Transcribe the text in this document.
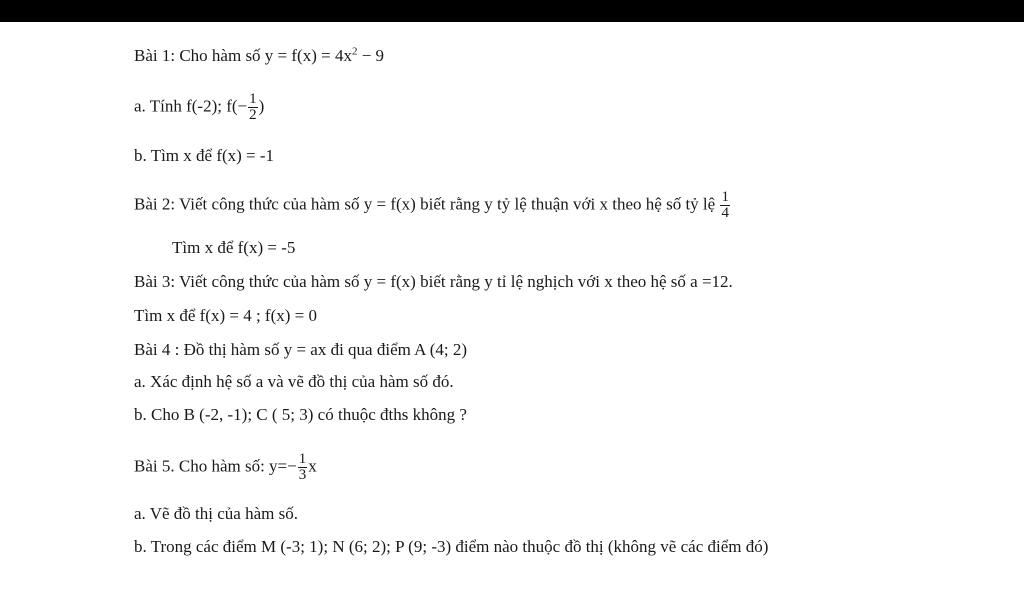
Bài 1: Cho hàm số $y = f(x) = 4x^2 - 9$
a. Tính f(-2); $f(- \frac{1}{2}$ )
b. Tìm x để f(x) = -1
Bài 2: Viết công thức của hàm số y = f(x) biết rằng y tỷ lệ thuận với x theo hệ số tỷ lệ $\frac{1}{4}$
Tìm x để f(x) = -5
Bài 3: Viết công thức của hàm số y = f(x) biết rằng y tỉ lệ nghịch với x theo hệ số a =12.
Tìm x để f(x) = 4 ; f(x) = 0
Bài 4 : Đồ thị hàm số y = ax đi qua điểm A (4; 2)
a. Xác định hệ số a và vẽ đồ thị của hàm số đó.
b. Cho B (-2, -1); C ( 5; 3) có thuộc đths không ?
Bài 5. Cho hàm số: $y=- \frac{1}{3}$ x
a. Vẽ đồ thị của hàm số.
b. Trong các điểm M (-3; 1); N (6; 2); P (9; -3) điểm nào thuộc đồ thị (không vẽ các điểm đó)
